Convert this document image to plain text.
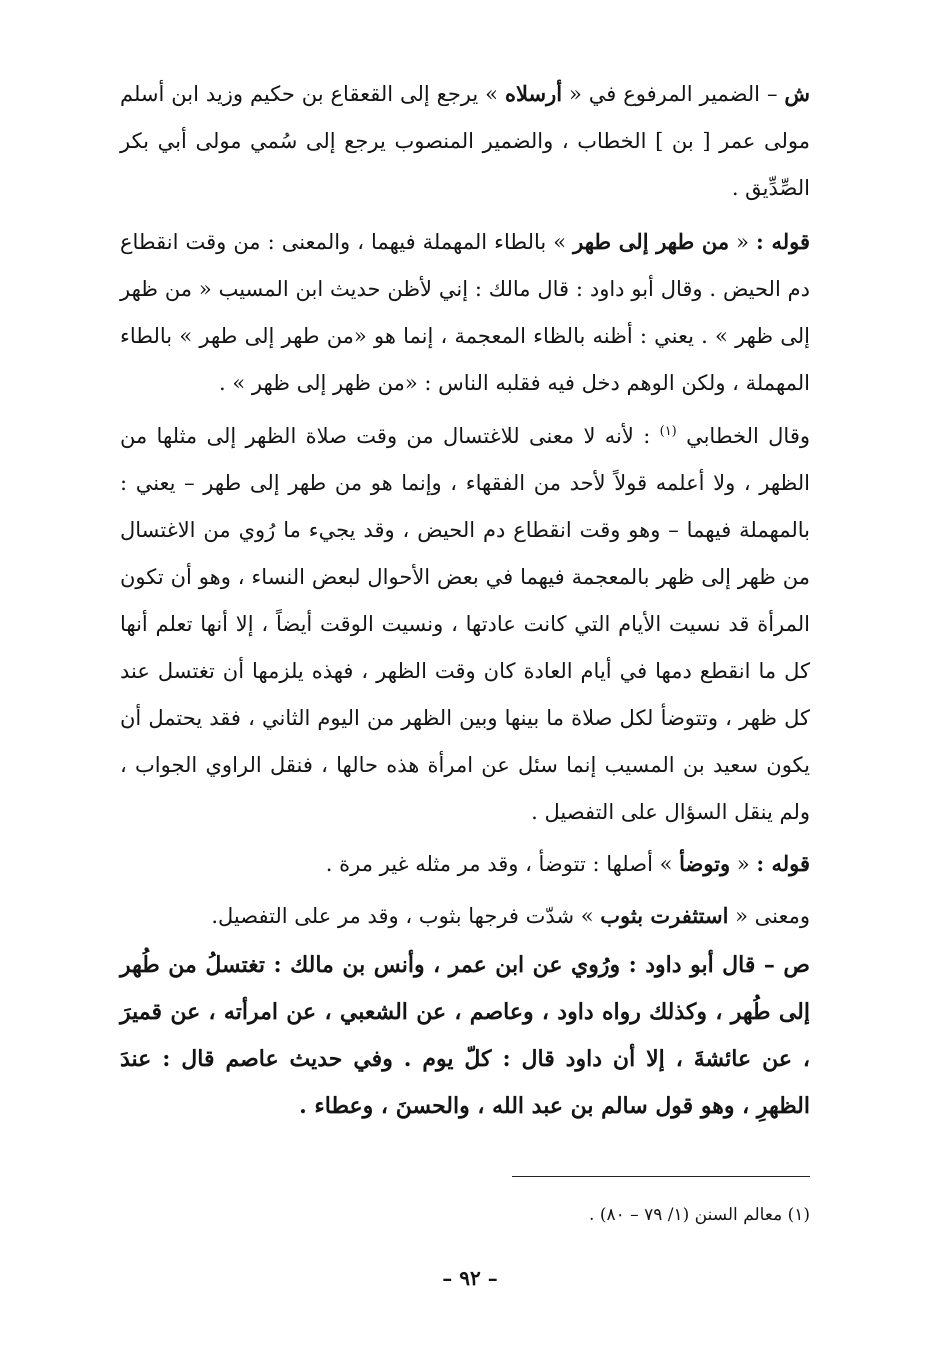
ش – الضمير المرفوع في « أرسلاه » يرجع إلى القعقاع بن حكيم وزيد ابن أسلم مولى عمر [ بن ] الخطاب ، والضمير المنصوب يرجع إلى سُمي مولى أبي بكر الصِّدِّيق .

قوله : « من طهر إلى طهر » بالطاء المهملة فيهما ، والمعنى : من وقت انقطاع دم الحيض . وقال أبو داود : قال مالك : إني لأظن حديث ابن المسيب « من ظهر إلى ظهر » . يعني : أظنه بالظاء المعجمة ، إنما هو «من طهر إلى طهر » بالطاء المهملة ، ولكن الوهم دخل فيه فقلبه الناس : «من ظهر إلى ظهر » .

وقال الخطابي $^{(١)}$ : لأنه لا معنى للاغتسال من وقت صلاة الظهر إلى مثلها من الظهر ، ولا أعلمه قولاً لأحد من الفقهاء ، وإنما هو من طهر إلى طهر – يعني : بالمهملة فيهما – وهو وقت انقطاع دم الحيض ، وقد يجيء ما رُوي من الاغتسال من ظهر إلى ظهر بالمعجمة فيهما في بعض الأحوال لبعض النساء ، وهو أن تكون المرأة قد نسيت الأيام التي كانت عادتها ، ونسيت الوقت أيضاً ، إلا أنها تعلم أنها كل ما انقطع دمها في أيام العادة كان وقت الظهر ، فهذه يلزمها أن تغتسل عند كل ظهر ، وتتوضأ لكل صلاة ما بينها وبين الظهر من اليوم الثاني ، فقد يحتمل أن يكون سعيد بن المسيب إنما سئل عن امرأة هذه حالها ، فنقل الراوي الجواب ، ولم ينقل السؤال على التفصيل .

قوله : « وتوضأ » أصلها : تتوضأ ، وقد مر مثله غير مرة .

ومعنى « استثفرت بثوب » شدّت فرجها بثوب ، وقد مر على التفصيل.

ص – قال أبو داود : ورُوي عن ابن عمر ، وأنس بن مالك : تغتسلُ من طُهر إلى طُهر ، وكذلك رواه داود ، وعاصم ، عن الشعبي ، عن امرأته ، عن قميرَ ، عن عائشةَ ، إلا أن داود قال : كلّ يوم . وفي حديث عاصم قال : عندَ الظهرِ ، وهو قول سالم بن عبد الله ، والحسنَ ، وعطاء .

(١) معالم السنن (١/ ٧٩ – ٨٠) .
– ٩٢ –
